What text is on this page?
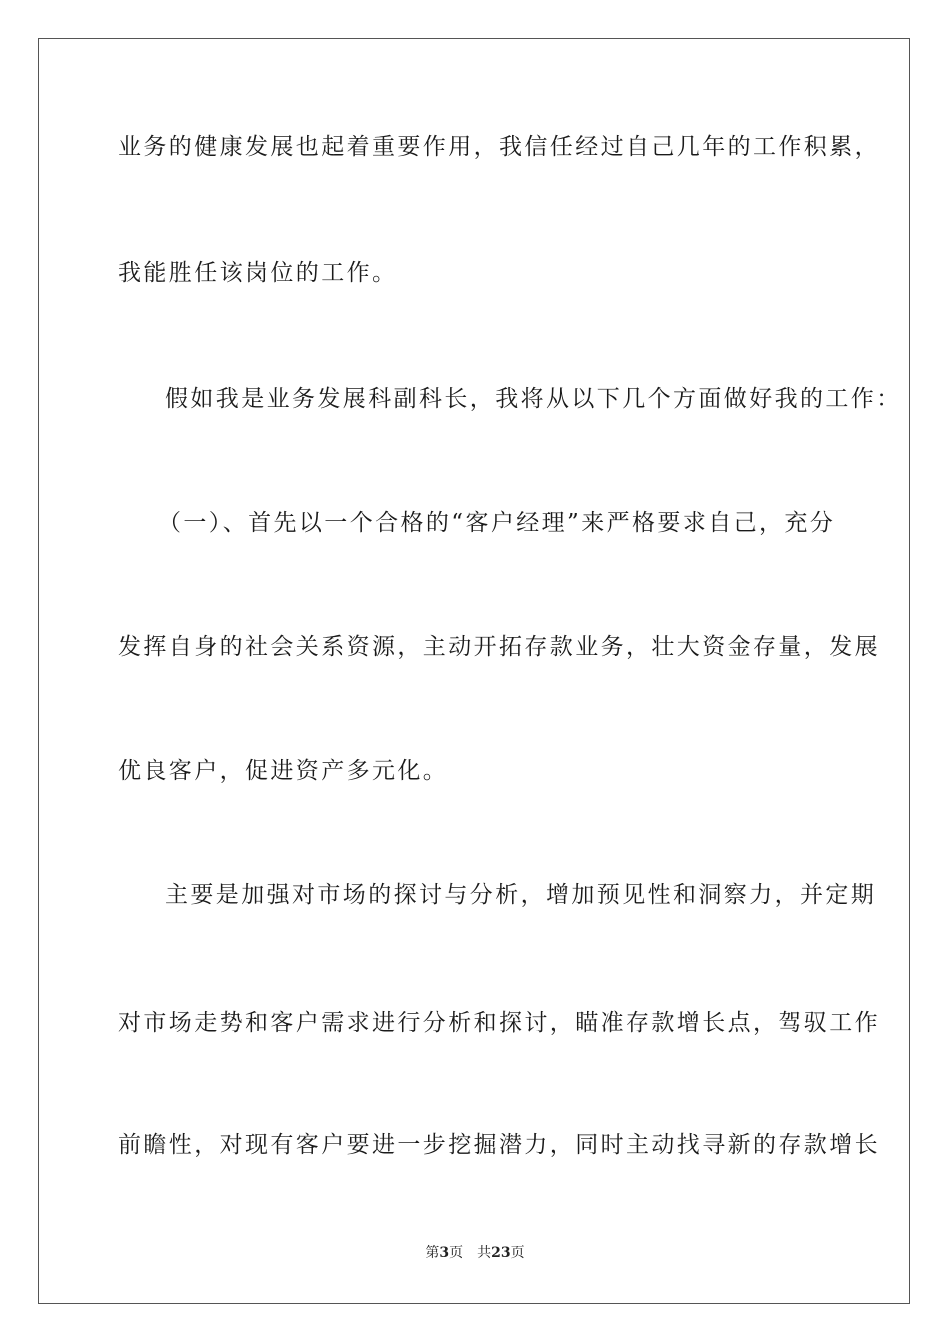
业务的健康发展也起着重要作用，我信任经过自己几年的工作积累，
我能胜任该岗位的工作。
假如我是业务发展科副科长，我将从以下几个方面做好我的工作：
（一）、首先以一个合格的“客户经理”来严格要求自己，充分
发挥自身的社会关系资源，主动开拓存款业务，壮大资金存量，发展
优良客户，促进资产多元化。
主要是加强对市场的探讨与分析，增加预见性和洞察力，并定期
对市场走势和客户需求进行分析和探讨，瞄准存款增长点，驾驭工作
前瞻性，对现有客户要进一步挖掘潜力，同时主动找寻新的存款增长
第3页 共23页
